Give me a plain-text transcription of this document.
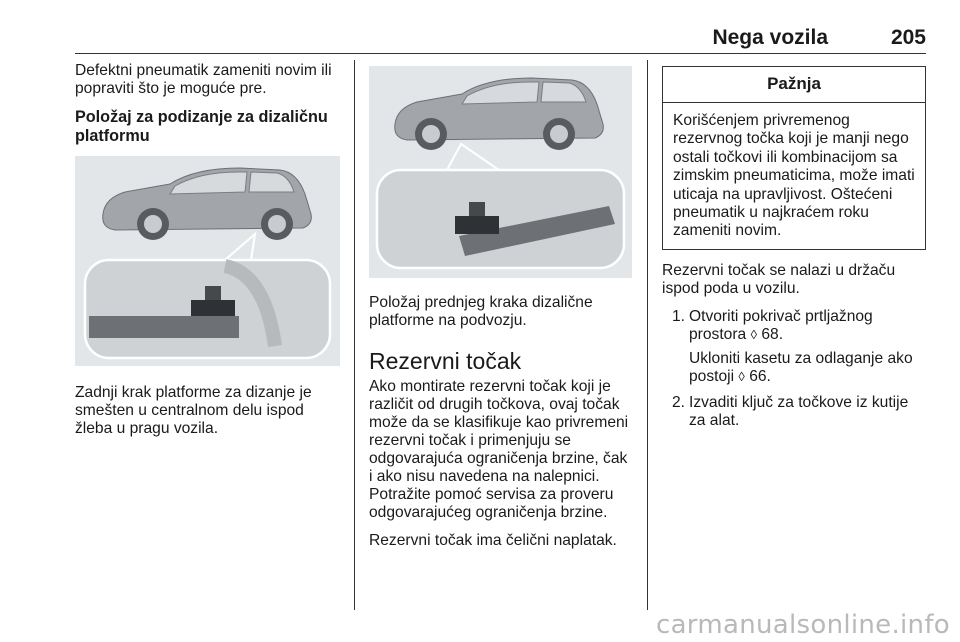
Nega vozila	205

Defektni pneumatik zameniti novim ili popraviti što je moguće pre.

Položaj za podizanje za dizaličnu platformu

Zadnji krak platforme za dizanje je smešten u centralnom delu ispod žleba u pragu vozila.

Položaj prednjeg kraka dizalične platforme na podvozju.

Rezervni točak

Ako montirate rezervni točak koji je različit od drugih točkova, ovaj točak može da se klasifikuje kao privremeni rezervni točak i primenjuju se odgovarajuća ograničenja brzine, čak i ako nisu navedena na nalepnici. Potražite pomoć servisa za proveru odgovarajućeg ograničenja brzine.

Rezervni točak ima čelični naplatak.

Pažnja
Korišćenjem privremenog rezervnog točka koji je manji nego ostali točkovi ili kombinacijom sa zimskim pneumaticima, može imati uticaja na upravljivost. Oštećeni pneumatik u najkraćem roku zameniti novim.

Rezervni točak se nalazi u držaču ispod poda u vozilu.

1. Otvoriti pokrivač prtljažnog prostora ◊ 68.

Ukloniti kasetu za odlaganje ako postoji ◊ 66.

2. Izvaditi ključ za točkove iz kutije za alat.

carmanualsonline.info
